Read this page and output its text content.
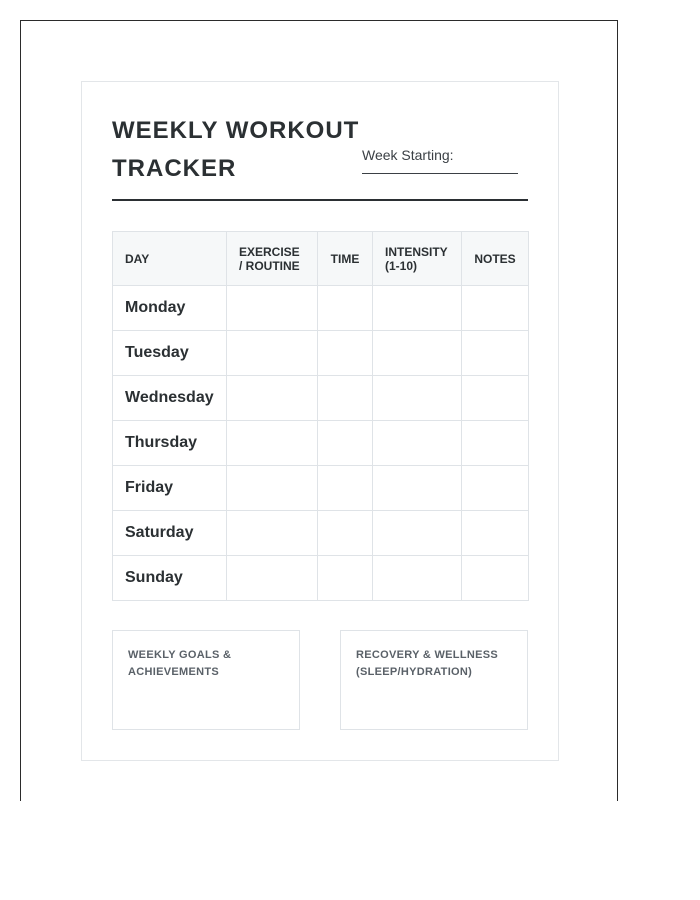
WEEKLY WORKOUT TRACKER	Week Starting:
DAY	EXERCISE / ROUTINE	TIME	INTENSITY (1-10)	NOTES
Monday				
Tuesday				
Wednesday				
Thursday				
Friday				
Saturday				
Sunday				
WEEKLY GOALS & ACHIEVEMENTS
RECOVERY & WELLNESS (SLEEP/HYDRATION)
